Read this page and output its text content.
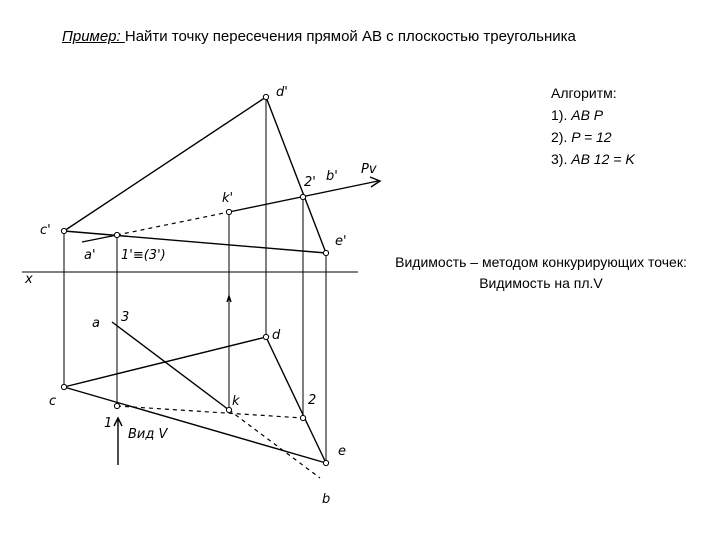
Пример: Найти точку пересечения прямой АВ с плоскостью треугольника
Алгоритм:
1). AB P
2). P = 12
3). AB 12 = K
Видимость – методом конкурирующих точек:
Видимость на пл.V
d'
k'
2' b' Pv
c'
e'
a' 1'≡(3')
x
a 3
d
c	k	2
1
Вид V
e
b
